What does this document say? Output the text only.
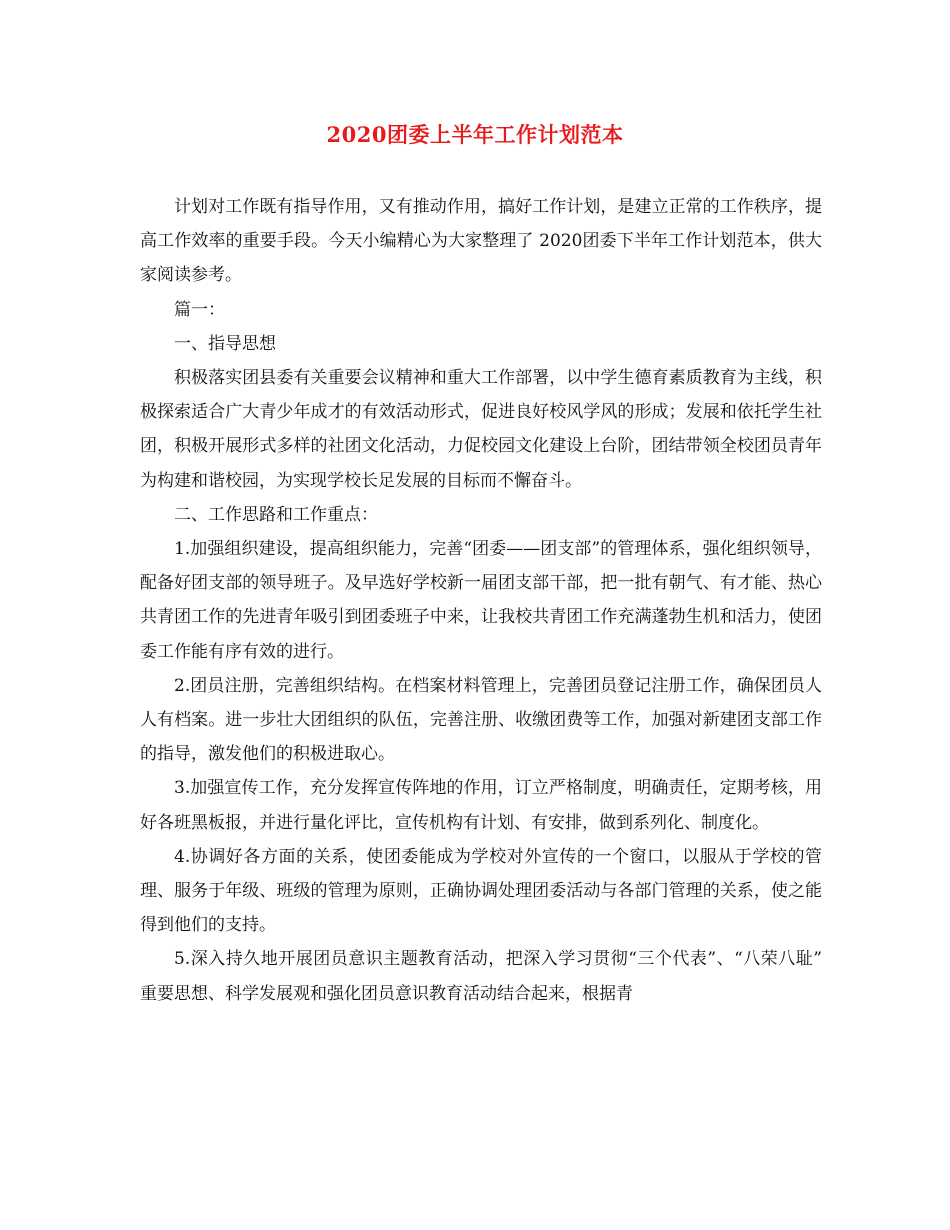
2020团委上半年工作计划范本

计划对工作既有指导作用，又有推动作用，搞好工作计划，是建立正常的工作秩序，提 高工作效率的重要手段。今天小编精心为大家整理了 2020团委下半年工作计划范本，供大家阅读参考。

篇一：

一、指导思想

积极落实团县委有关重要会议精神和重大工作部署，以中学生德育素质教育为主线，积极探索适合广大青少年成才的有效活动形式，促进良好校风学风的形成；发展和依托学生社团，积极开展形式多样的社团文化活动，力促校园文化建设上台阶，团结带领全校团员青年为构建和谐校园，为实现学校长足发展的目标而不懈奋斗。

二、工作思路和工作重点：

1.加强组织建设，提高组织能力，完善“团委——团支部”的管理体系，强化组织领导，配备好团支部的领导班子。及早选好学校新一届团支部干部，把一批有朝气、有才能、热心共青团工作的先进青年吸引到团委班子中来，让我校共青团工作充满蓬勃生机和活力，使团委工作能有序有效的进行。

2.团员注册，完善组织结构。在档案材料管理上，完善团员登记注册工作，确保团员人人有档案。进一步壮大团组织的队伍，完善注册、收缴团费等工作，加强对新建团支部工作的指导，激发他们的积极进取心。

3.加强宣传工作，充分发挥宣传阵地的作用，订立严格制度，明确责任，定期考核，用好各班黑板报，并进行量化评比，宣传机构有计划、有安排，做到系列化、制度化。

4.协调好各方面的关系，使团委能成为学校对外宣传的一个窗口，以服从于学校的管理、服务于年级、班级的管理为原则，正确协调处理团委活动与各部门管理的关系，使之能得到他们的支持。

5.深入持久地开展团员意识主题教育活动，把深入学习贯彻“三个代表”、“八荣八耻” 重要思想、科学发展观和强化团员意识教育活动结合起来，根据青
